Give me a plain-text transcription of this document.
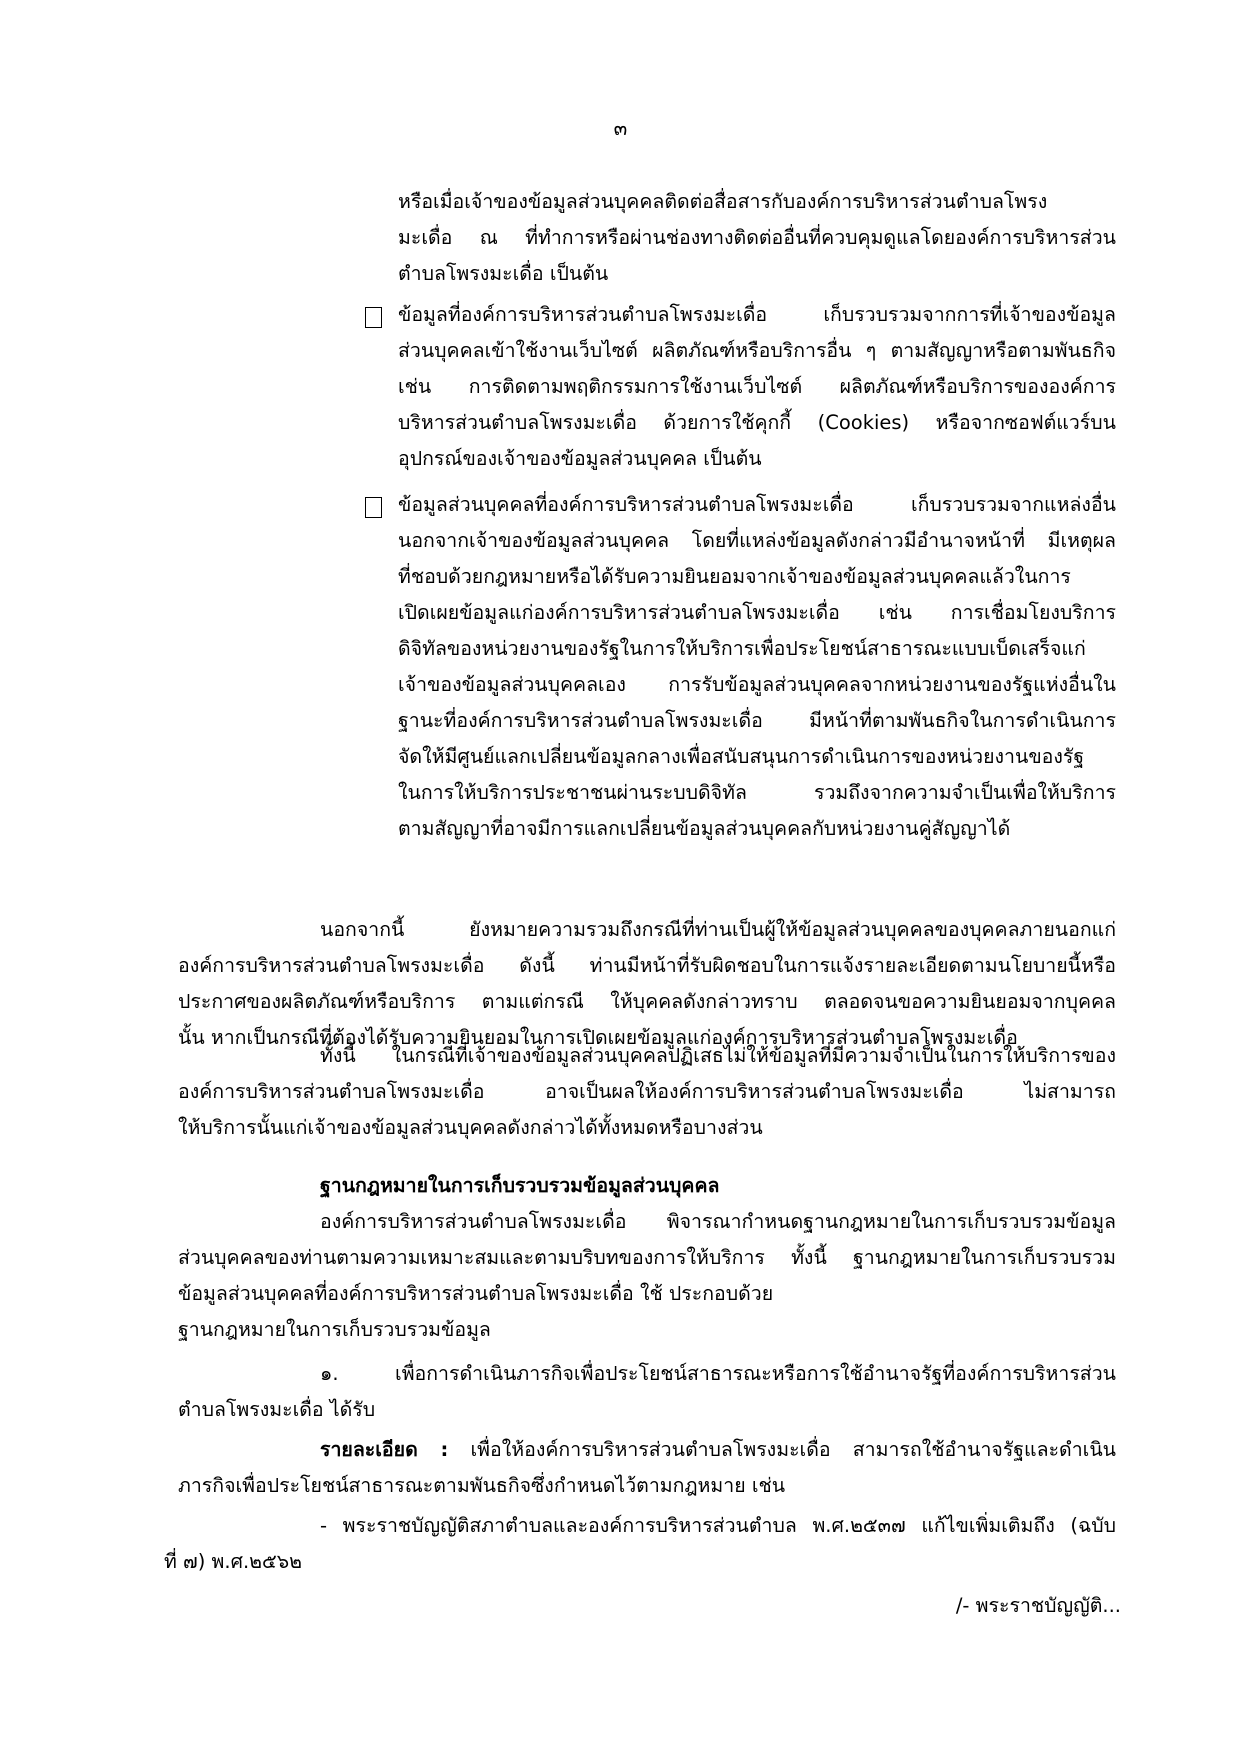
๓
หรือเมื่อเจ้าของข้อมูลส่วนบุคคลติดต่อสื่อสารกับองค์การบริหารส่วนตำบลโพรง
มะเดื่อ ณ ที่ทำการหรือผ่านช่องทางติดต่ออื่นที่ควบคุมดูแลโดยองค์การบริหารส่วน
ตำบลโพรงมะเดื่อ เป็นต้น
ข้อมูลที่องค์การบริหารส่วนตำบลโพรงมะเดื่อ เก็บรวบรวมจากการที่เจ้าของข้อมูล
ส่วนบุคคลเข้าใช้งานเว็บไซต์ ผลิตภัณฑ์หรือบริการอื่น ๆ ตามสัญญาหรือตามพันธกิจ
เช่น การติดตามพฤติกรรมการใช้งานเว็บไซต์ ผลิตภัณฑ์หรือบริการขององค์การ
บริหารส่วนตำบลโพรงมะเดื่อ ด้วยการใช้คุกกี้ (Cookies) หรือจากซอฟต์แวร์บน
อุปกรณ์ของเจ้าของข้อมูลส่วนบุคคล เป็นต้น
ข้อมูลส่วนบุคคลที่องค์การบริหารส่วนตำบลโพรงมะเดื่อ เก็บรวบรวมจากแหล่งอื่น
นอกจากเจ้าของข้อมูลส่วนบุคคล โดยที่แหล่งข้อมูลดังกล่าวมีอำนาจหน้าที่ มีเหตุผล
ที่ชอบด้วยกฎหมายหรือได้รับความยินยอมจากเจ้าของข้อมูลส่วนบุคคลแล้วในการ
เปิดเผยข้อมูลแก่องค์การบริหารส่วนตำบลโพรงมะเดื่อ เช่น การเชื่อมโยงบริการ
ดิจิทัลของหน่วยงานของรัฐในการให้บริการเพื่อประโยชน์สาธารณะแบบเบ็ดเสร็จแก่
เจ้าของข้อมูลส่วนบุคคลเอง การรับข้อมูลส่วนบุคคลจากหน่วยงานของรัฐแห่งอื่นใน
ฐานะที่องค์การบริหารส่วนตำบลโพรงมะเดื่อ มีหน้าที่ตามพันธกิจในการดำเนินการ
จัดให้มีศูนย์แลกเปลี่ยนข้อมูลกลางเพื่อสนับสนุนการดำเนินการของหน่วยงานของรัฐ
ในการให้บริการประชาชนผ่านระบบดิจิทัล รวมถึงจากความจำเป็นเพื่อให้บริการ
ตามสัญญาที่อาจมีการแลกเปลี่ยนข้อมูลส่วนบุคคลกับหน่วยงานคู่สัญญาได้
นอกจากนี้ ยังหมายความรวมถึงกรณีที่ท่านเป็นผู้ให้ข้อมูลส่วนบุคคลของบุคคลภายนอกแก่
องค์การบริหารส่วนตำบลโพรงมะเดื่อ ดังนี้ ท่านมีหน้าที่รับผิดชอบในการแจ้งรายละเอียดตามนโยบายนี้หรือ
ประกาศของผลิตภัณฑ์หรือบริการ ตามแต่กรณี ให้บุคคลดังกล่าวทราบ ตลอดจนขอความยินยอมจากบุคคล
นั้น หากเป็นกรณีที่ต้องได้รับความยินยอมในการเปิดเผยข้อมูลแก่องค์การบริหารส่วนตำบลโพรงมะเดื่อ
ทั้งนี้ ในกรณีที่เจ้าของข้อมูลส่วนบุคคลปฏิเสธไม่ให้ข้อมูลที่มีความจำเป็นในการให้บริการของ
องค์การบริหารส่วนตำบลโพรงมะเดื่อ อาจเป็นผลให้องค์การบริหารส่วนตำบลโพรงมะเดื่อ ไม่สามารถ
ให้บริการนั้นแก่เจ้าของข้อมูลส่วนบุคคลดังกล่าวได้ทั้งหมดหรือบางส่วน
ฐานกฎหมายในการเก็บรวบรวมข้อมูลส่วนบุคคล
องค์การบริหารส่วนตำบลโพรงมะเดื่อ พิจารณากำหนดฐานกฎหมายในการเก็บรวบรวมข้อมูล
ส่วนบุคคลของท่านตามความเหมาะสมและตามบริบทของการให้บริการ ทั้งนี้ ฐานกฎหมายในการเก็บรวบรวม
ข้อมูลส่วนบุคคลที่องค์การบริหารส่วนตำบลโพรงมะเดื่อ ใช้ ประกอบด้วย
ฐานกฎหมายในการเก็บรวบรวมข้อมูล
๑. เพื่อการดำเนินภารกิจเพื่อประโยชน์สาธารณะหรือการใช้อำนาจรัฐที่องค์การบริหารส่วน
ตำบลโพรงมะเดื่อ ได้รับ
รายละเอียด : เพื่อให้องค์การบริหารส่วนตำบลโพรงมะเดื่อ สามารถใช้อำนาจรัฐและดำเนิน
ภารกิจเพื่อประโยชน์สาธารณะตามพันธกิจซึ่งกำหนดไว้ตามกฎหมาย เช่น
- พระราชบัญญัติสภาตำบลและองค์การบริหารส่วนตำบล พ.ศ.๒๕๓๗ แก้ไขเพิ่มเติมถึง (ฉบับ
ที่ ๗) พ.ศ.๒๕๖๒
/- พระราชบัญญัติ...
